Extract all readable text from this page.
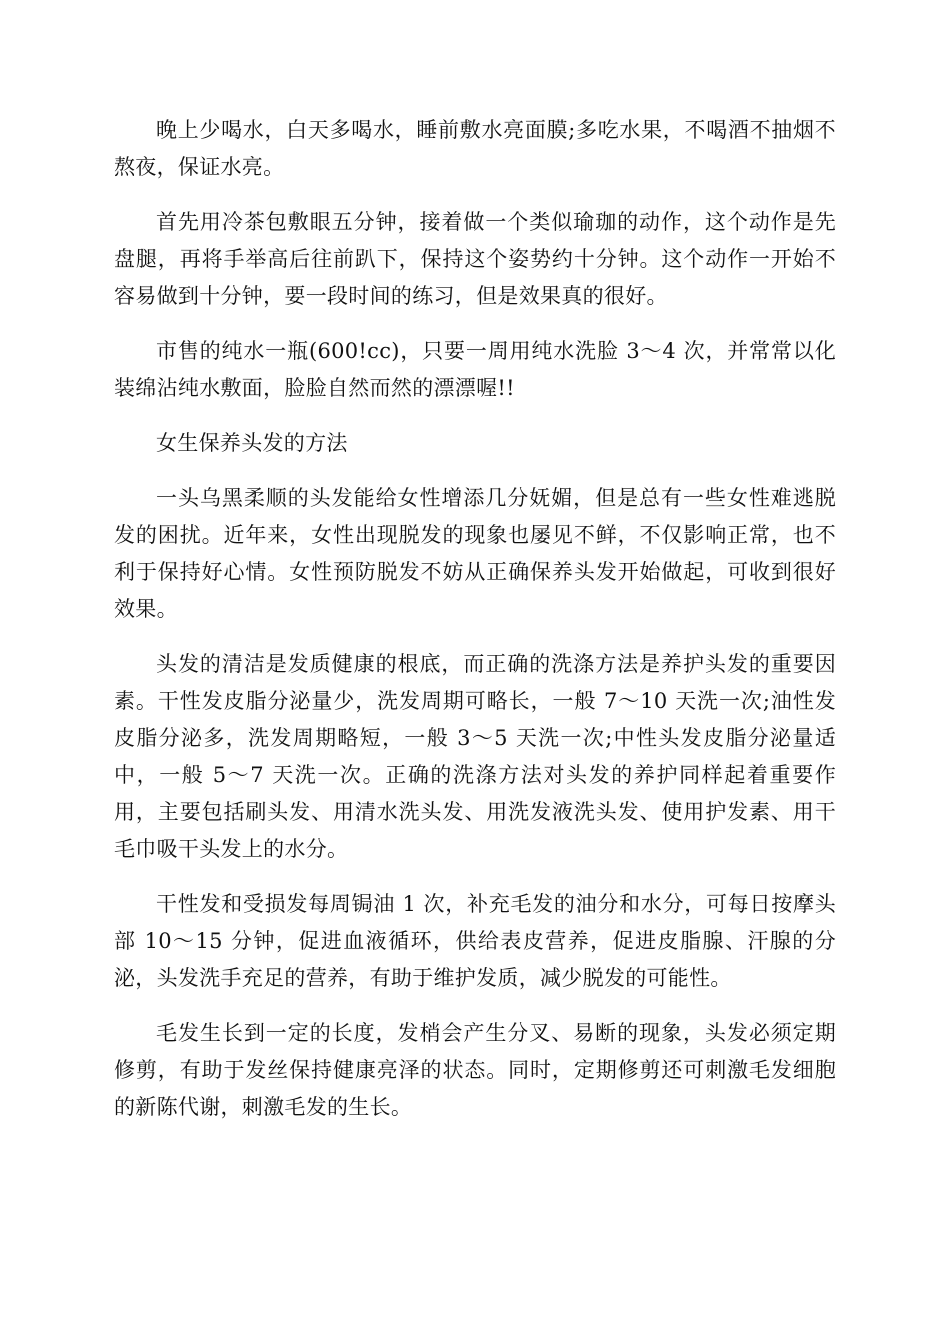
晚上少喝水，白天多喝水，睡前敷水亮面膜;多吃水果，不喝酒不抽烟不熬夜，保证水亮。

首先用冷茶包敷眼五分钟，接着做一个类似瑜珈的动作，这个动作是先盘腿，再将手举高后往前趴下，保持这个姿势约十分钟。这个动作一开始不容易做到十分钟，要一段时间的练习，但是效果真的很好。

市售的纯水一瓶(600!cc)，只要一周用纯水洗脸 3～4 次，并常常以化装绵沾纯水敷面，脸脸自然而然的漂漂喔!!

女生保养头发的方法

一头乌黑柔顺的头发能给女性增添几分妩媚，但是总有一些女性难逃脱发的困扰。近年来，女性出现脱发的现象也屡见不鲜，不仅影响正常，也不利于保持好心情。女性预防脱发不妨从正确保养头发开始做起，可收到很好效果。

头发的清洁是发质健康的根底，而正确的洗涤方法是养护头发的重要因素。干性发皮脂分泌量少，洗发周期可略长，一般 7～10 天洗一次;油性发皮脂分泌多，洗发周期略短，一般 3～5 天洗一次;中性头发皮脂分泌量适中，一般 5～7 天洗一次。正确的洗涤方法对头发的养护同样起着重要作用，主要包括刷头发、用清水洗头发、用洗发液洗头发、使用护发素、用干毛巾吸干头发上的水分。

干性发和受损发每周锔油 1 次，补充毛发的油分和水分，可每日按摩头部 10～15 分钟，促进血液循环，供给表皮营养，促进皮脂腺、汗腺的分泌，头发洗手充足的营养，有助于维护发质，减少脱发的可能性。

毛发生长到一定的长度，发梢会产生分叉、易断的现象，头发必须定期修剪，有助于发丝保持健康亮泽的状态。同时，定期修剪还可刺激毛发细胞的新陈代谢，刺激毛发的生长。
